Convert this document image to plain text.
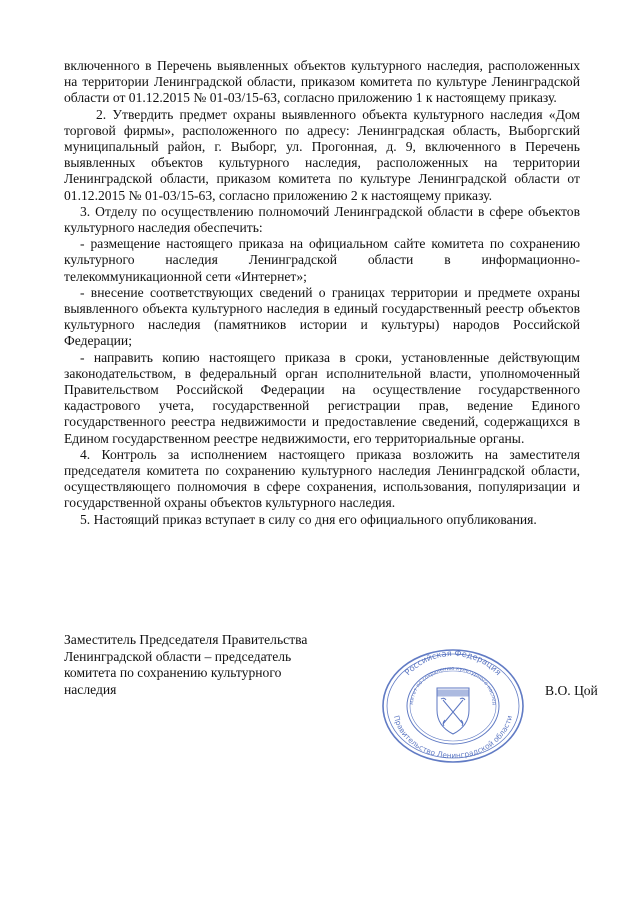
включенного в Перечень выявленных объектов культурного наследия, расположенных на территории Ленинградской области, приказом комитета по культуре Ленинградской области от 01.12.2015 № 01-03/15-63, согласно приложению 1 к настоящему приказу.

2. Утвердить предмет охраны выявленного объекта культурного наследия «Дом торговой фирмы», расположенного по адресу: Ленинградская область, Выборгский муниципальный район, г. Выборг, ул. Прогонная, д. 9, включенного в Перечень выявленных объектов культурного наследия, расположенных на территории Ленинградской области, приказом комитета по культуре Ленинградской области от 01.12.2015 № 01-03/15-63, согласно приложению 2 к настоящему приказу.

3. Отделу по осуществлению полномочий Ленинградской области в сфере объектов культурного наследия обеспечить:

- размещение настоящего приказа на официальном сайте комитета по сохранению культурного наследия Ленинградской области в информационно-телекоммуникационной сети «Интернет»;

- внесение соответствующих сведений о границах территории и предмете охраны выявленного объекта культурного наследия в единый государственный реестр объектов культурного наследия (памятников истории и культуры) народов Российской Федерации;

- направить копию настоящего приказа в сроки, установленные действующим законодательством, в федеральный орган исполнительной власти, уполномоченный Правительством Российской Федерации на осуществление государственного кадастрового учета, государственной регистрации прав, ведение Единого государственного реестра недвижимости и предоставление сведений, содержащихся в Едином государственном реестре недвижимости, его территориальные органы.

4. Контроль за исполнением настоящего приказа возложить на заместителя председателя комитета по сохранению культурного наследия Ленинградской области, осуществляющего полномочия в сфере сохранения, использования, популяризации и государственной охраны объектов культурного наследия.

5. Настоящий приказ вступает в силу со дня его официального опубликования.

Заместитель Председателя Правительства
Ленинградской области – председатель
комитета по сохранению культурного
наследия	В.О. Цой
Российская Федерация
Правительство Ленинградской области
митет по сохранению культурного наслед
